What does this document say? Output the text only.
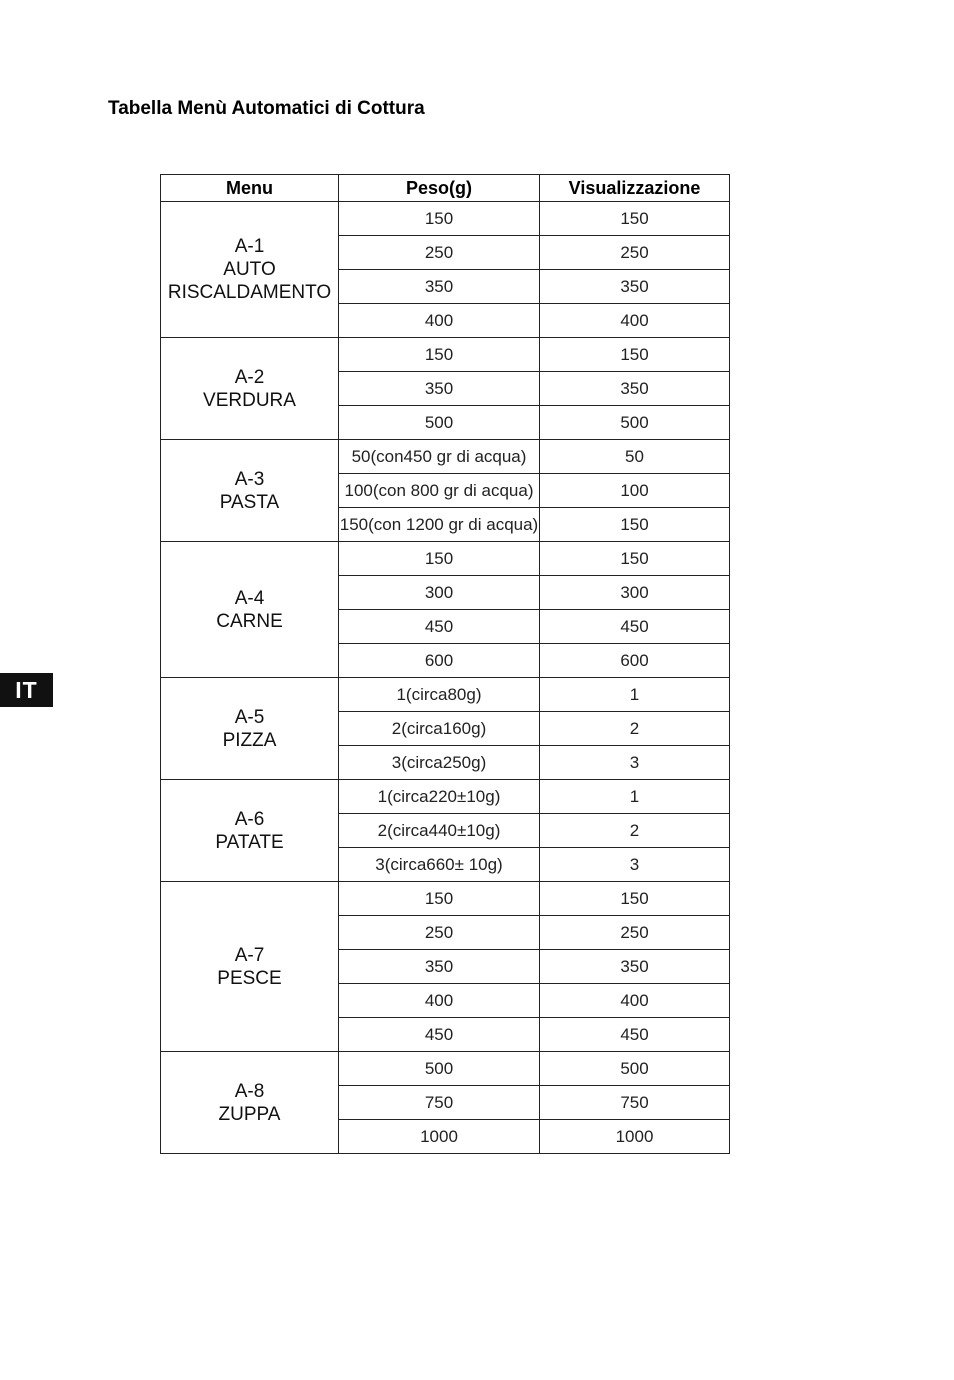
Tabella Menù Automatici di Cottura
IT
Menu	Peso(g)	Visualizzazione

A-1
AUTO
RISCALDAMENTO	150	150
	250	250
	350	350
	400	400

A-2
VERDURA	150	150
	350	350
	500	500

A-3
PASTA	50(con450 gr di acqua)	50
	100(con 800 gr di acqua)	100
	150(con 1200 gr di acqua)	150

A-4
CARNE	150	150
	300	300
	450	450
	600	600

A-5
PIZZA	1(circa80g)	1
	2(circa160g)	2
	3(circa250g)	3

A-6
PATATE	1(circa220±10g)	1
	2(circa440±10g)	2
	3(circa660± 10g)	3

A-7
PESCE	150	150
	250	250
	350	350
	400	400
	450	450

A-8
ZUPPA	500	500
	750	750
	1000	1000
